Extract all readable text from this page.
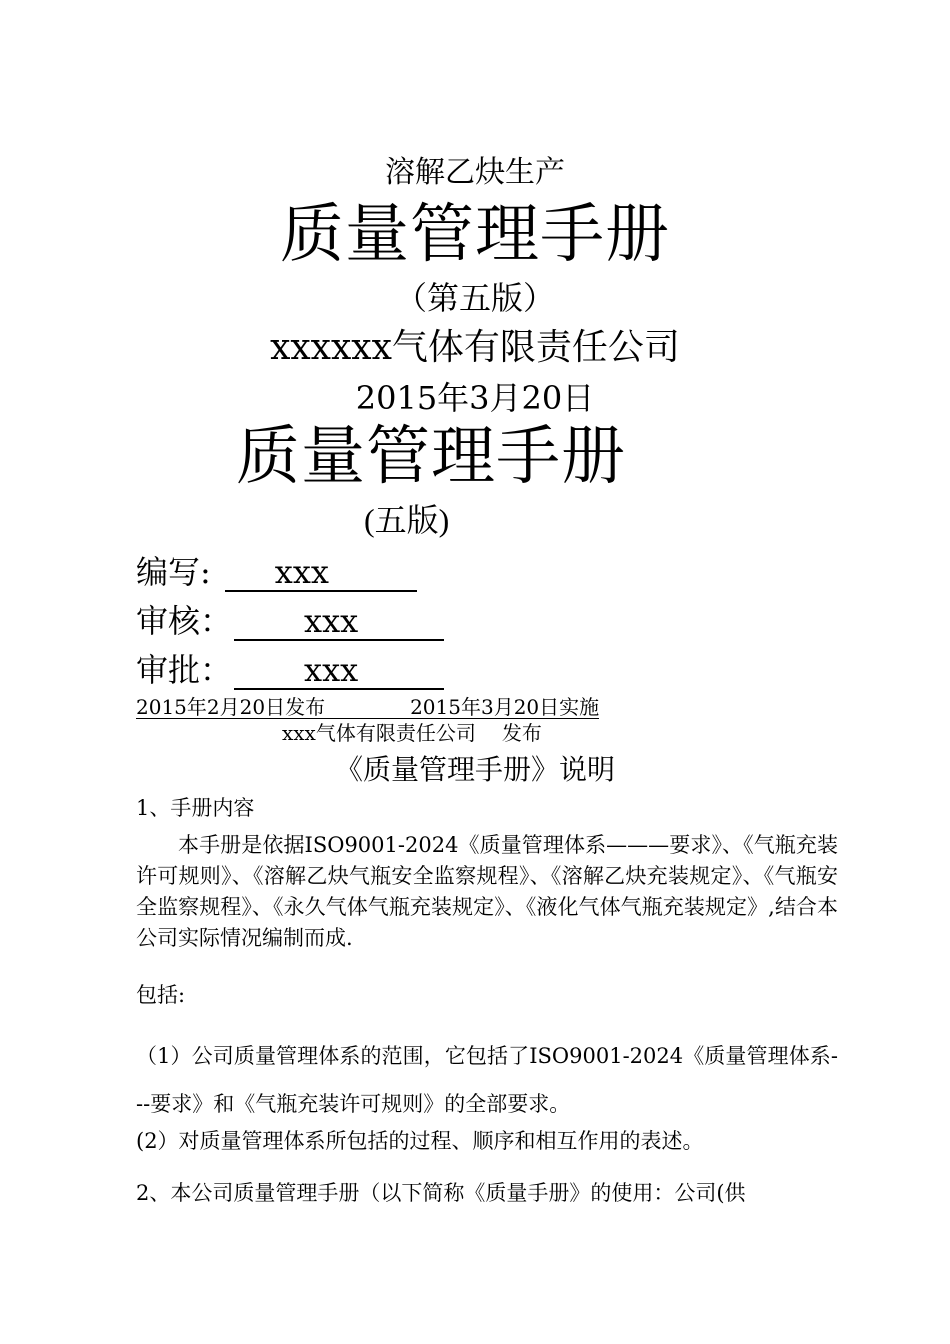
溶解乙炔生产
质量管理手册
（第五版）
xxxxxx气体有限责任公司
2015年3月20日
质量管理手册
(五版)
编写: xxx
审核： xxx
审批： xxx
2015年2月20日发布	2015年3月20日实施
xxx气体有限责任公司 发布
《质量管理手册》说明
1、手册内容
本手册是依据ISO9001-2024《质量管理体系———要求》、《气瓶充装许可规则》、《溶解乙炔气瓶安全监察规程》、《溶解乙炔充装规定》、《气瓶安全监察规程》、《永久气体气瓶充装规定》、《液化气体气瓶充装规定》,结合本公司实际情况编制而成.
包括:
（1）公司质量管理体系的范围，它包括了ISO9001-2024《质量管理体系---要求》和《气瓶充装许可规则》的全部要求。
(2）对质量管理体系所包括的过程、顺序和相互作用的表述。
2、本公司质量管理手册（以下简称《质量手册》的使用：公司(供
